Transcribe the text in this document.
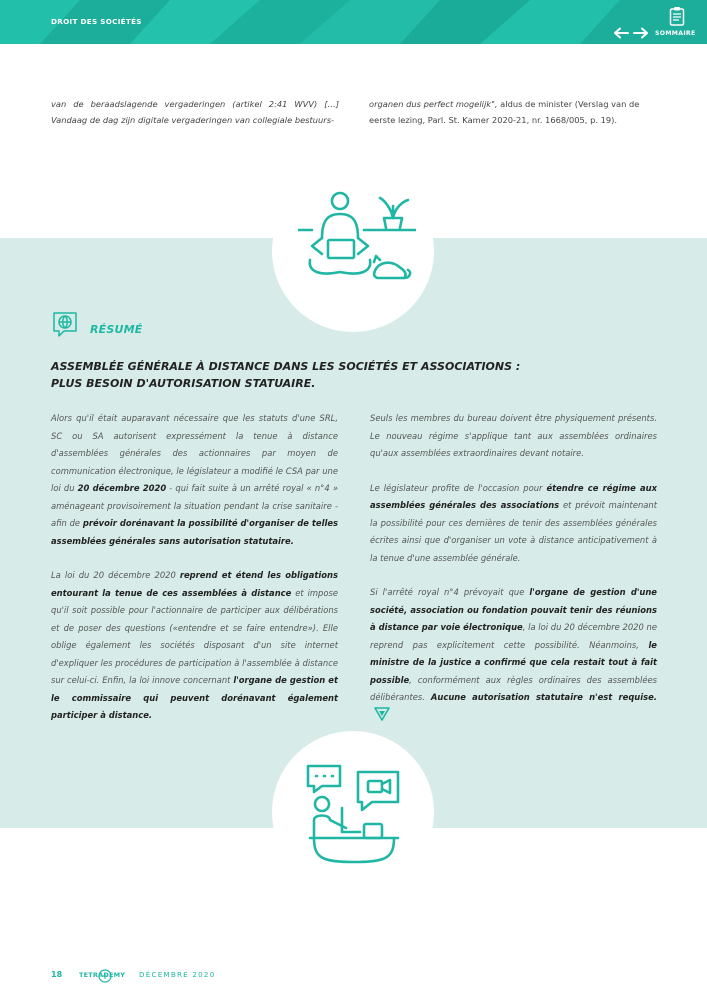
DROIT DES SOCIÉTÉS
SOMMAIRE
van de beraadslagende vergaderingen (artikel 2:41 WVV) […] Vandaag de dag zijn digitale vergaderingen van collegiale bestuurs-
organen dus perfect mogelijk", aldus de minister (Verslag van de eerste lezing, Parl. St. Kamer 2020-21, nr. 1668/005, p. 19).
RÉSUMÉ
ASSEMBLÉE GÉNÉRALE À DISTANCE DANS LES SOCIÉTÉS ET ASSOCIATIONS :
PLUS BESOIN D'AUTORISATION STATUAIRE.

Alors qu'il était auparavant nécessaire que les statuts d'une SRL, SC ou SA autorisent expressément la tenue à distance d'assemblées générales des actionnaires par moyen de communication électronique, le législateur a modifié le CSA par une loi du 20 décembre 2020 - qui fait suite à un arrêté royal « n°4 » aménageant provisoirement la situation pendant la crise sanitaire - afin de prévoir dorénavant la possibilité d'organiser de telles assemblées générales sans autorisation statutaire.

La loi du 20 décembre 2020 reprend et étend les obligations entourant la tenue de ces assemblées à distance et impose qu'il soit possible pour l'actionnaire de participer aux délibérations et de poser des questions («entendre et se faire entendre»). Elle oblige également les sociétés disposant d'un site internet d'expliquer les procédures de participation à l'assemblée à distance sur celui-ci. Enfin, la loi innove concernant l'organe de gestion et le commissaire qui peuvent dorénavant également participer à distance.

Seuls les membres du bureau doivent être physiquement présents. Le nouveau régime s'applique tant aux assemblées ordinaires qu'aux assemblées extraordinaires devant notaire.

Le législateur profite de l'occasion pour étendre ce régime aux assemblées générales des associations et prévoit maintenant la possibilité pour ces dernières de tenir des assemblées générales écrites ainsi que d'organiser un vote à distance anticipativement à la tenue d'une assemblée générale.

Si l'arrêté royal n°4 prévoyait que l'organe de gestion d'une société, association ou fondation pouvait tenir des réunions à distance par voie électronique, la loi du 20 décembre 2020 ne reprend pas explicitement cette possibilité. Néanmoins, le ministre de la justice a confirmé que cela restait tout à fait possible, conformément aux règles ordinaires des assemblées délibérantes. Aucune autorisation statutaire n'est requise.

18	TETRADEMY DÉCEMBRE 2020
